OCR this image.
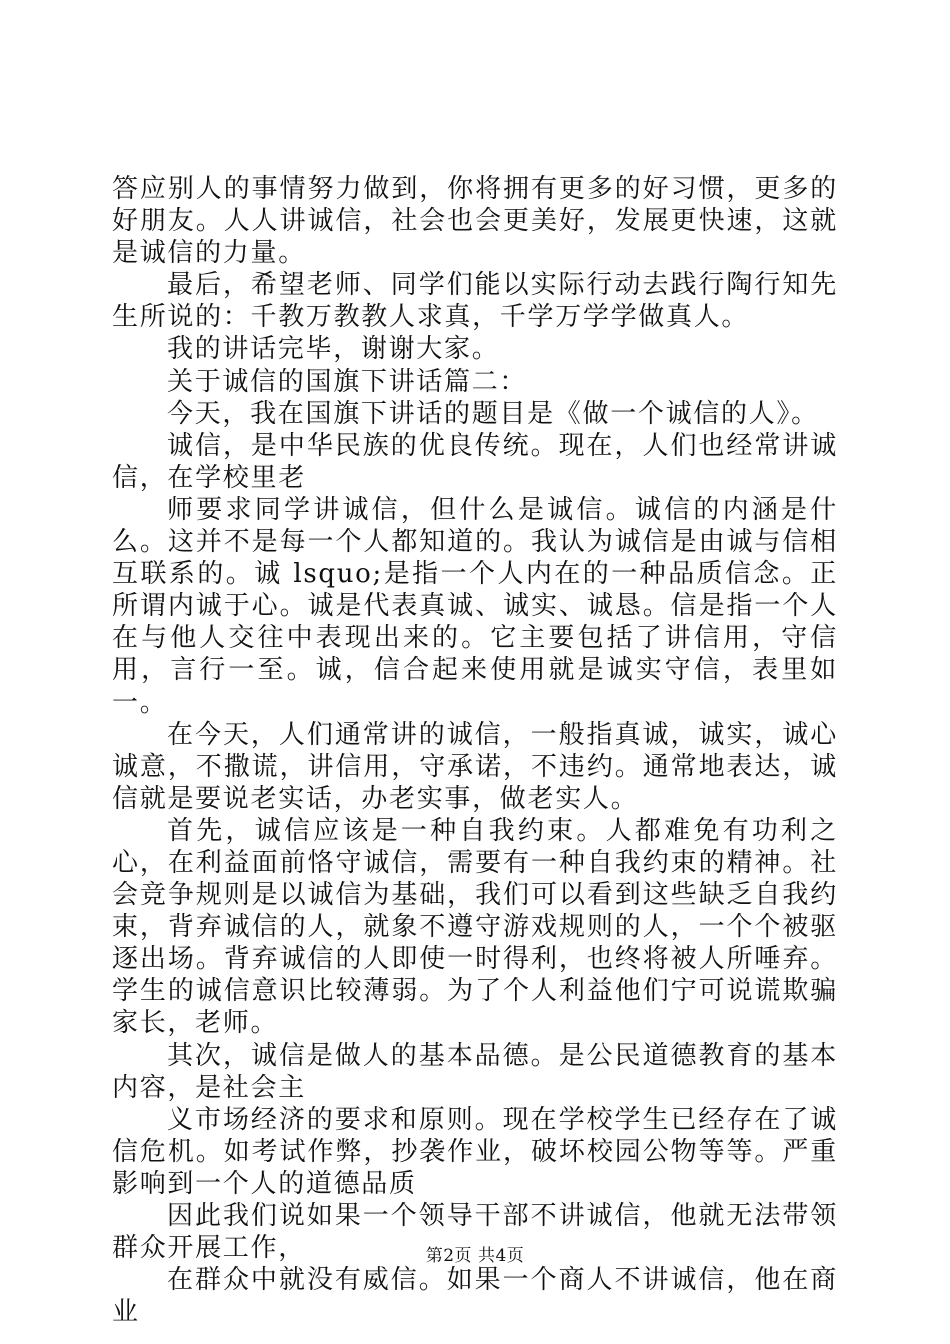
答应别人的事情努力做到，你将拥有更多的好习惯，更多的好朋友。人人讲诚信，社会也会更美好，发展更快速，这就是诚信的力量。

最后，希望老师、同学们能以实际行动去践行陶行知先生所说的：千教万教教人求真，千学万学学做真人。

我的讲话完毕，谢谢大家。

关于诚信的国旗下讲话篇二：

今天，我在国旗下讲话的题目是《做一个诚信的人》。

诚信，是中华民族的优良传统。现在，人们也经常讲诚信，在学校里老

师要求同学讲诚信，但什么是诚信。诚信的内涵是什么。这并不是每一个人都知道的。我认为诚信是由诚与信相互联系的。诚 lsquo;是指一个人内在的一种品质信念。正所谓内诚于心。诚是代表真诚、诚实、诚恳。信是指一个人在与他人交往中表现出来的。它主要包括了讲信用，守信用，言行一至。诚，信合起来使用就是诚实守信，表里如一。

在今天，人们通常讲的诚信，一般指真诚，诚实，诚心诚意，不撒谎，讲信用，守承诺，不违约。通常地表达，诚信就是要说老实话，办老实事，做老实人。

首先，诚信应该是一种自我约束。人都难免有功利之心，在利益面前恪守诚信，需要有一种自我约束的精神。社会竞争规则是以诚信为基础，我们可以看到这些缺乏自我约束，背弃诚信的人，就象不遵守游戏规则的人，一个个被驱逐出场。背弃诚信的人即使一时得利，也终将被人所唾弃。学生的诚信意识比较薄弱。为了个人利益他们宁可说谎欺骗家长，老师。

其次，诚信是做人的基本品德。是公民道德教育的基本内容，是社会主

义市场经济的要求和原则。现在学校学生已经存在了诚信危机。如考试作弊，抄袭作业，破坏校园公物等等。严重影响到一个人的道德品质

因此我们说如果一个领导干部不讲诚信，他就无法带领群众开展工作，

在群众中就没有威信。如果一个商人不讲诚信，他在商业

第2页 共4页
